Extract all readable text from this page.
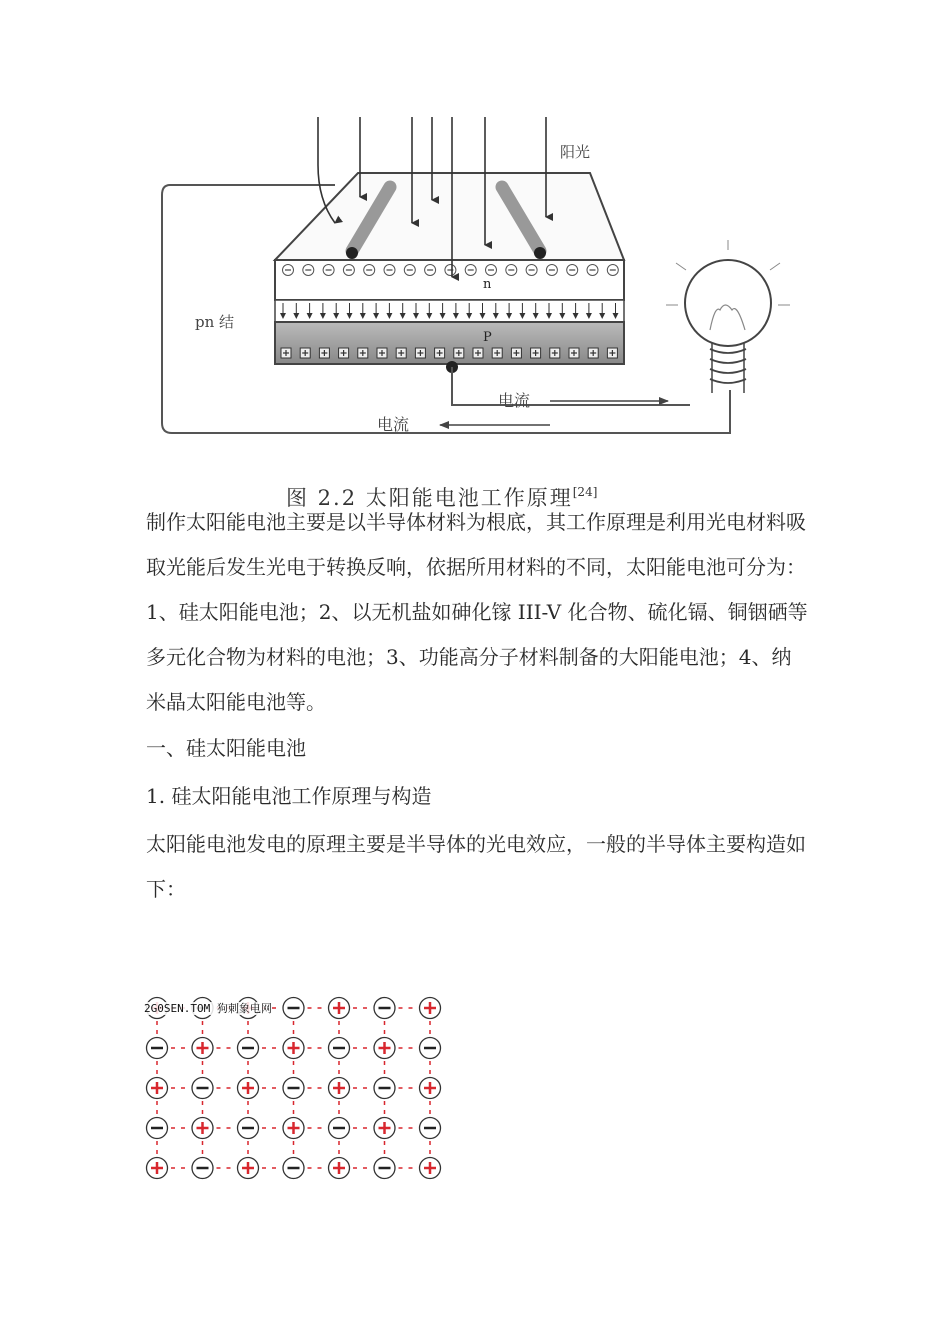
n
P
电流
电流
阳光
pn 结
图 2.2 太阳能电池工作原理[24]

制作太阳能电池主要是以半导体材料为根底，其工作原理是利用光电材料吸取光能后发生光电于转换反响，依据所用材料的不同，太阳能电池可分为：1、硅太阳能电池；2、以无机盐如砷化镓 III-V 化合物、硫化镉、铜铟硒等多元化合物为材料的电池；3、功能高分子材料制备的大阳能电池；4、纳米晶太阳能电池等。

一、硅太阳能电池

1. 硅太阳能电池工作原理与构造

太阳能电池发电的原理主要是半导体的光电效应，一般的半导体主要构造如下：

2G0SEN.TOM 狗刺象电网
